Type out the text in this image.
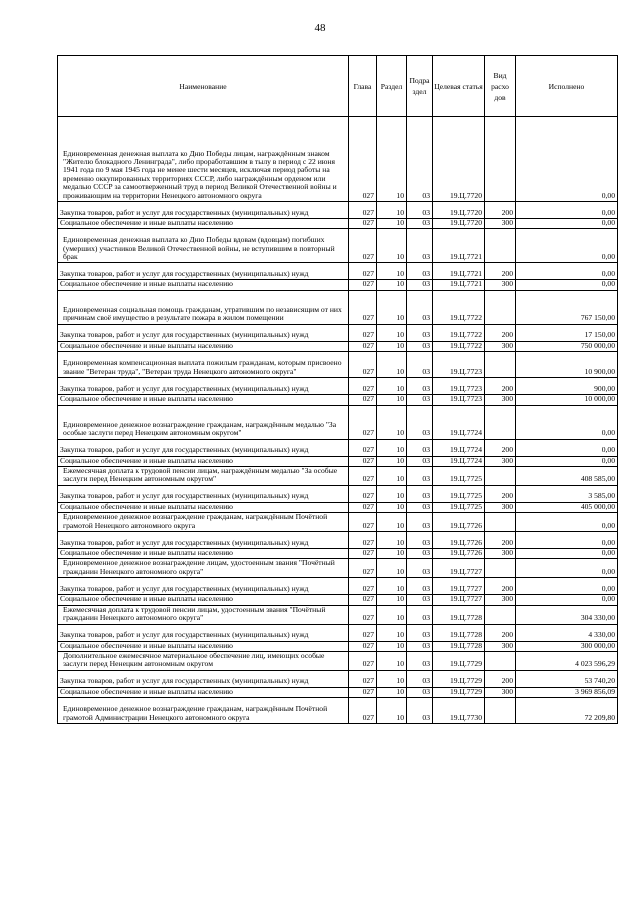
48
Наименование	Глава	Раздел	Подра здел	Целевая статья	Вид расхо дов	Исполнено
Единовременная денежная выплата ко Дню Победы лицам, награждённым знаком "Жителю блокадного Ленинграда", либо проработавшим в тылу в период с 22 июня 1941 года по 9 мая 1945 года не менее шести месяцев, исключая период работы на временно оккупированных территориях СССР, либо награждённым орденом или медалью СССР за самоотверженный труд в период Великой Отечественной войны и проживающим на территории Ненецкого автономного округа	027	10	03	19.Ц.7720		0,00
Закупка товаров, работ и услуг для государственных (муниципальных) нужд	027	10	03	19.Ц.7720	200	0,00
Социальное обеспечение и иные выплаты населению	027	10	03	19.Ц.7720	300	0,00
Единовременная денежная выплата ко Дню Победы вдовам (вдовцам) погибших (умерших) участников Великой Отечественной войны, не вступившим в повторный брак	027	10	03	19.Ц.7721		0,00
Закупка товаров, работ и услуг для государственных (муниципальных) нужд	027	10	03	19.Ц.7721	200	0,00
Социальное обеспечение и иные выплаты населению	027	10	03	19.Ц.7721	300	0,00
Единовременная социальная помощь гражданам, утратившим по независящим от них причинам своё имущество в результате пожара в жилом помещении	027	10	03	19.Ц.7722		767 150,00
Закупка товаров, работ и услуг для государственных (муниципальных) нужд	027	10	03	19.Ц.7722	200	17 150,00
Социальное обеспечение и иные выплаты населению	027	10	03	19.Ц.7722	300	750 000,00
Единовременная компенсационная выплата пожилым гражданам, которым присвоено звание "Ветеран труда", "Ветеран труда Ненецкого автономного округа"	027	10	03	19.Ц.7723		10 900,00
Закупка товаров, работ и услуг для государственных (муниципальных) нужд	027	10	03	19.Ц.7723	200	900,00
Социальное обеспечение и иные выплаты населению	027	10	03	19.Ц.7723	300	10 000,00
Единовременное денежное вознаграждение гражданам, награждённым медалью "За особые заслуги перед Ненецким автономным округом"	027	10	03	19.Ц.7724		0,00
Закупка товаров, работ и услуг для государственных (муниципальных) нужд	027	10	03	19.Ц.7724	200	0,00
Социальное обеспечение и иные выплаты населению	027	10	03	19.Ц.7724	300	0,00
Ежемесячная доплата к трудовой пенсии лицам, награждённым медалью "За особые заслуги перед Ненецким автономным округом"	027	10	03	19.Ц.7725		408 585,00
Закупка товаров, работ и услуг для государственных (муниципальных) нужд	027	10	03	19.Ц.7725	200	3 585,00
Социальное обеспечение и иные выплаты населению	027	10	03	19.Ц.7725	300	405 000,00
Единовременное денежное вознаграждение гражданам, награждённым Почётной грамотой Ненецкого автономного округа	027	10	03	19.Ц.7726		0,00
Закупка товаров, работ и услуг для государственных (муниципальных) нужд	027	10	03	19.Ц.7726	200	0,00
Социальное обеспечение и иные выплаты населению	027	10	03	19.Ц.7726	300	0,00
Единовременное денежное вознаграждение лицам, удостоенным звания "Почётный гражданин Ненецкого автономного округа"	027	10	03	19.Ц.7727		0,00
Закупка товаров, работ и услуг для государственных (муниципальных) нужд	027	10	03	19.Ц.7727	200	0,00
Социальное обеспечение и иные выплаты населению	027	10	03	19.Ц.7727	300	0,00
Ежемесячная доплата к трудовой пенсии лицам, удостоенным звания "Почётный гражданин Ненецкого автономного округа"	027	10	03	19.Ц.7728		304 330,00
Закупка товаров, работ и услуг для государственных (муниципальных) нужд	027	10	03	19.Ц.7728	200	4 330,00
Социальное обеспечение и иные выплаты населению	027	10	03	19.Ц.7728	300	300 000,00
Дополнительное ежемесячное материальное обеспечение лиц, имеющих особые заслуги перед Ненецким автономным округом	027	10	03	19.Ц.7729		4 023 596,29
Закупка товаров, работ и услуг для государственных (муниципальных) нужд	027	10	03	19.Ц.7729	200	53 740,20
Социальное обеспечение и иные выплаты населению	027	10	03	19.Ц.7729	300	3 969 856,09
Единовременное денежное вознаграждение гражданам, награждённым Почётной грамотой Администрации Ненецкого автономного округа	027	10	03	19.Ц.7730		72 209,80
